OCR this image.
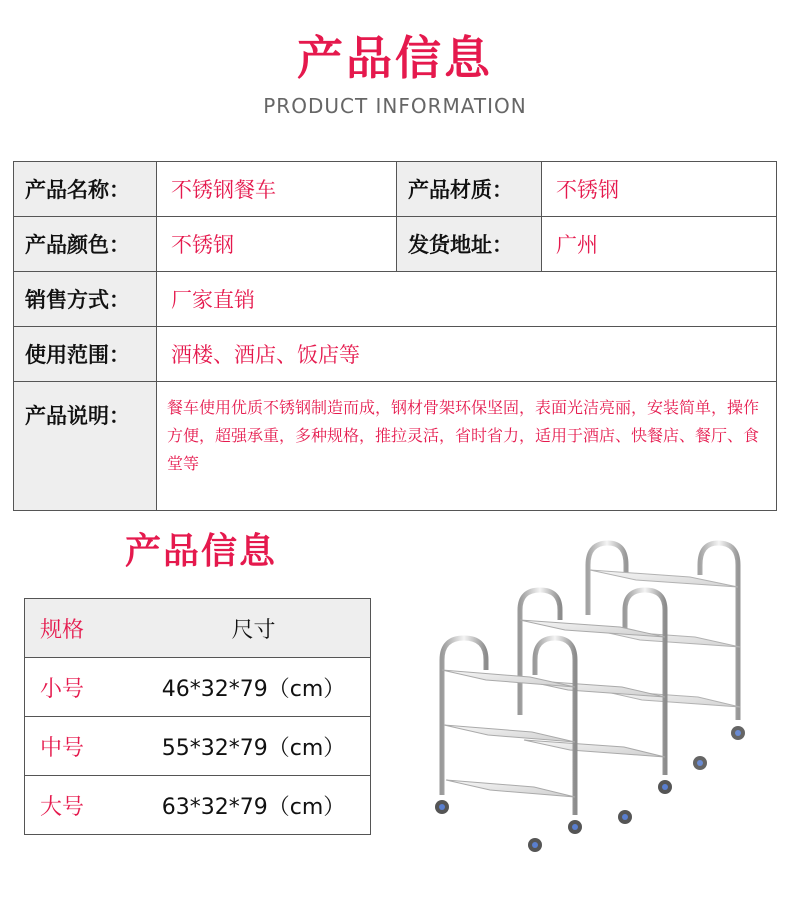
产品信息
PRODUCT INFORMATION
产品名称：	不锈钢餐车	产品材质：	不锈钢
产品颜色：	不锈钢	发货地址：	广州
销售方式：	厂家直销		
使用范围：	酒楼、酒店、饭店等		
产品说明：	餐车使用优质不锈钢制造而成，钢材骨架环保坚固，表面光洁亮丽，安装简单，操作方便，超强承重，多种规格，推拉灵活，省时省力，适用于酒店、快餐店、餐厅、食堂等		
产品信息
规格	尺寸
小号	46*32*79（cm）
中号	55*32*79（cm）
大号	63*32*79（cm）
